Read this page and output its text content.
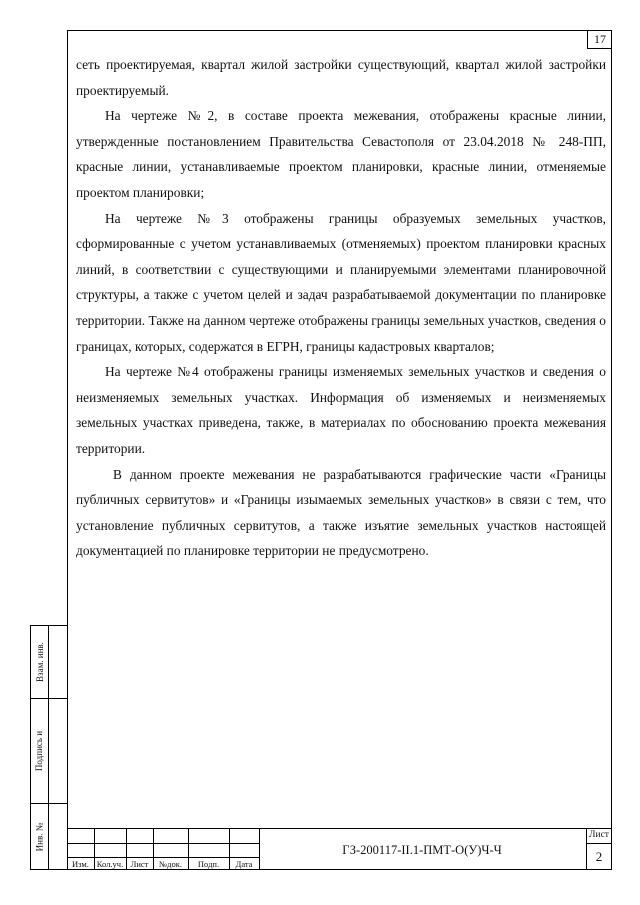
17

сеть проектируемая, квартал жилой застройки существующий, квартал жилой застройки проектируемый.

На чертеже №2, в составе проекта межевания, отображены красные линии, утвержденные постановлением Правительства Севастополя от 23.04.2018 № 248-ПП, красные линии, устанавливаемые проектом планировки, красные линии, отменяемые проектом планировки;

На чертеже №3 отображены границы образуемых земельных участков, сформированные с учетом устанавливаемых (отменяемых) проектом планировки красных линий, в соответствии с существующими и планируемыми элементами планировочной структуры, а также с учетом целей и задач разрабатываемой документации по планировке территории. Также на данном чертеже отображены границы земельных участков, сведения о границах, которых, содержатся в ЕГРН, границы кадастровых кварталов;

На чертеже №4 отображены границы изменяемых земельных участков и сведения о неизменяемых земельных участках. Информация об изменяемых и неизменяемых земельных участках приведена, также, в материалах по обоснованию проекта межевания территории.

В данном проекте межевания не разрабатываются графические части «Границы публичных сервитутов» и «Границы изымаемых земельных участков» в связи с тем, что установление публичных сервитутов, а также изъятие земельных участков настоящей документацией по планировке территории не предусмотрено.

Взам. инв.
Подпись и
Инв. №
Изм. Кол.уч. Лист	№док.	Подп.	Дата
ГЗ-200117-II.1-ПМТ-О(У)Ч-Ч
Лист
2
